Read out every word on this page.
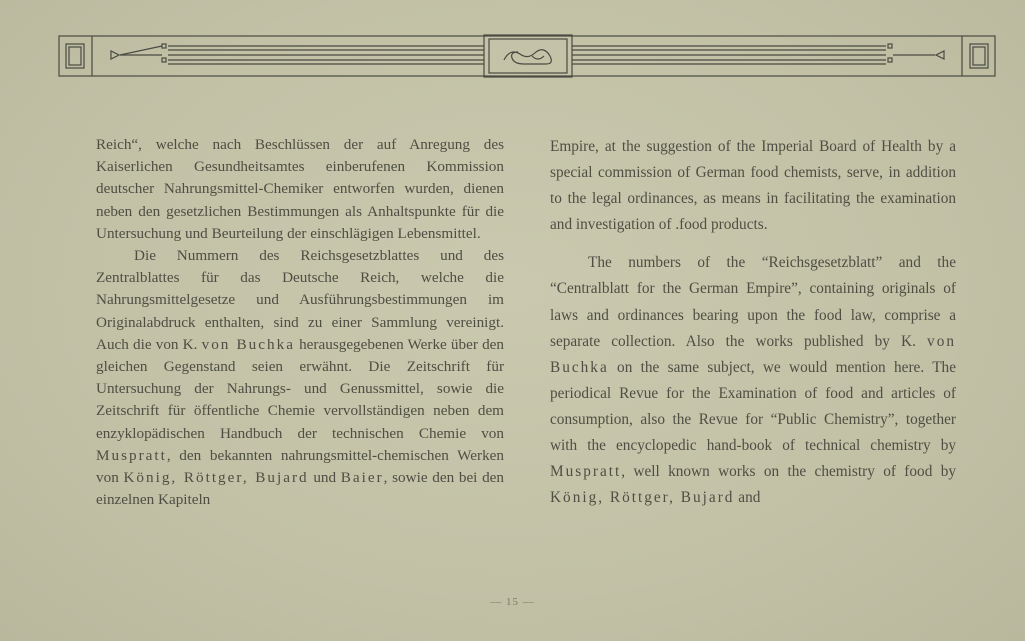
Reich“, welche nach Beschlüssen der auf Anregung des Kaiserlichen Gesundheitsamtes einberufenen Kommission deutscher Nahrungsmittel-Chemiker entworfen wurden, dienen neben den gesetzlichen Bestimmungen als Anhaltspunkte für die Untersuchung und Beurteilung der einschlägigen Lebensmittel.

Die Nummern des Reichsgesetzblattes und des Zentralblattes für das Deutsche Reich, welche die Nahrungsmittelgesetze und Ausführungsbestimmungen im Originalabdruck enthalten, sind zu einer Sammlung vereinigt. Auch die von K. von Buchka herausgegebenen Werke über den gleichen Gegenstand seien erwähnt. Die Zeitschrift für Untersuchung der Nahrungs- und Genussmittel, sowie die Zeitschrift für öffentliche Chemie vervollständigen neben dem enzyklopädischen Handbuch der technischen Chemie von Muspratt, den bekannten nahrungsmittel-chemischen Werken von König, Röttger, Bujard und Baier, sowie den bei den einzelnen Kapiteln

Empire, at the suggestion of the Imperial Board of Health by a special commission of German food chemists, serve, in addition to the legal ordinances, as means in facilitating the examination and investigation of .food products.

The numbers of the “Reichsgesetzblatt” and the “Centralblatt for the German Empire”, containing originals of laws and ordinances bearing upon the food law, comprise a separate collection. Also the works published by K. von Buchka on the same subject, we would mention here. The periodical Revue for the Examination of food and articles of consumption, also the Revue for “Public Chemistry”, together with the encyclopedic hand-book of technical chemistry by Muspratt, well known works on the chemistry of food by König, Röttger, Bujard and

— 15 —
